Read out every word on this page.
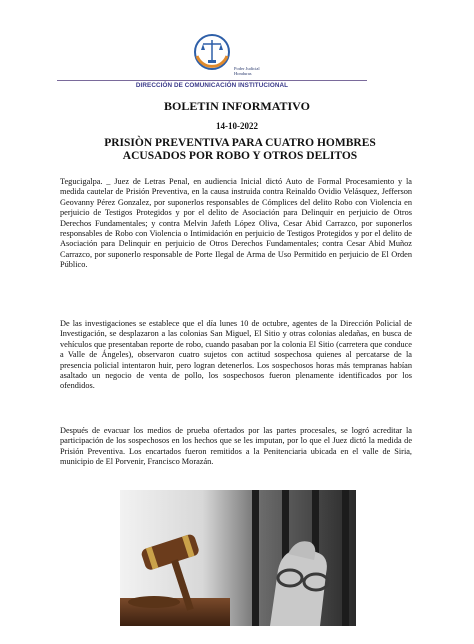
Poder Judicial
Honduras
DIRECCIÓN DE COMUNICACIÓN INSTITUCIONAL
BOLETIN INFORMATIVO
14-10-2022
PRISIÒN PREVENTIVA PARA CUATRO HOMBRES ACUSADOS POR ROBO Y OTROS DELITOS
Tegucigalpa. _ Juez de Letras Penal, en audiencia Inicial dictó Auto de Formal Procesamiento y la medida cautelar de Prisión Preventiva, en la causa instruida contra Reinaldo Ovidio Velásquez, Jefferson Geovanny Pérez Gonzalez, por suponerlos responsables de Cómplices del delito Robo con Violencia en perjuicio de Testigos Protegidos y por el delito de Asociación para Delinquir en perjuicio de Otros Derechos Fundamentales; y contra Melvin Jafeth López Oliva, Cesar Abid Carrazco, por suponerlos responsables de Robo con Violencia o Intimidación en perjuicio de Testigos Protegidos y por el delito de Asociación para Delinquir en perjuicio de Otros Derechos Fundamentales; contra Cesar Abid Muñoz Carrazco, por suponerlo responsable de Porte Ilegal de Arma de Uso Permitido en perjuicio de El Orden Público.
De las investigaciones se establece que el día lunes 10 de octubre, agentes de la Dirección Policial de Investigación, se desplazaron a las colonias San Miguel, El Sitio y otras colonias aledañas, en busca de vehículos que presentaban reporte de robo, cuando pasaban por la colonia El Sitio (carretera que conduce a Valle de Ángeles), observaron cuatro sujetos con actitud sospechosa quienes al percatarse de la presencia policial intentaron huir, pero logran detenerlos. Los sospechosos horas más tempranas habían asaltado un negocio de venta de pollo, los sospechosos fueron plenamente identificados por los ofendidos.
Después de evacuar los medios de prueba ofertados por las partes procesales, se logró acreditar la participación de los sospechosos en los hechos que se les imputan, por lo que el Juez dictó la medida de Prisión Preventiva. Los encartados fueron remitidos a la Penitenciaria ubicada en el valle de Siria, municipio de El Porvenir, Francisco Morazán.
